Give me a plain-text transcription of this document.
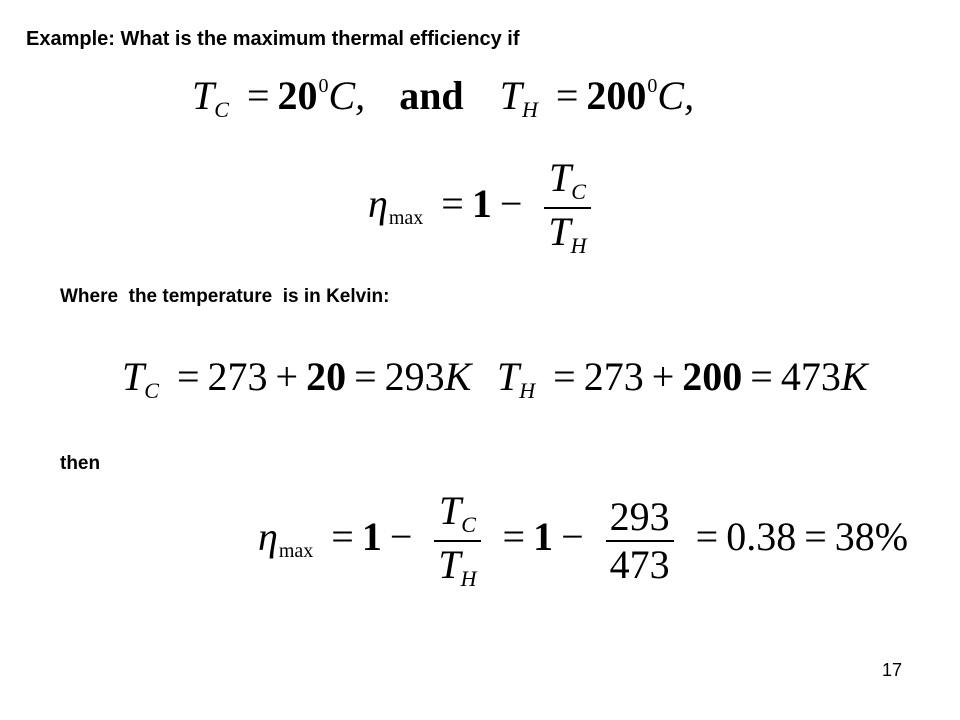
Example: What is the maximum thermal efficiency if
TC = $20^0C$, and TH = $200^0C$,
$\eta\max = 1 - \frac{TC}{TH}$
Where  the temperature  is in Kelvin:
TC = 273 + 20 = 293K TH = 273 + 200 = 473K
then
$\eta\max = 1 - \frac{TC}{TH} = 1 - \frac{293}{473} = 0.38 = 38\%$
17
